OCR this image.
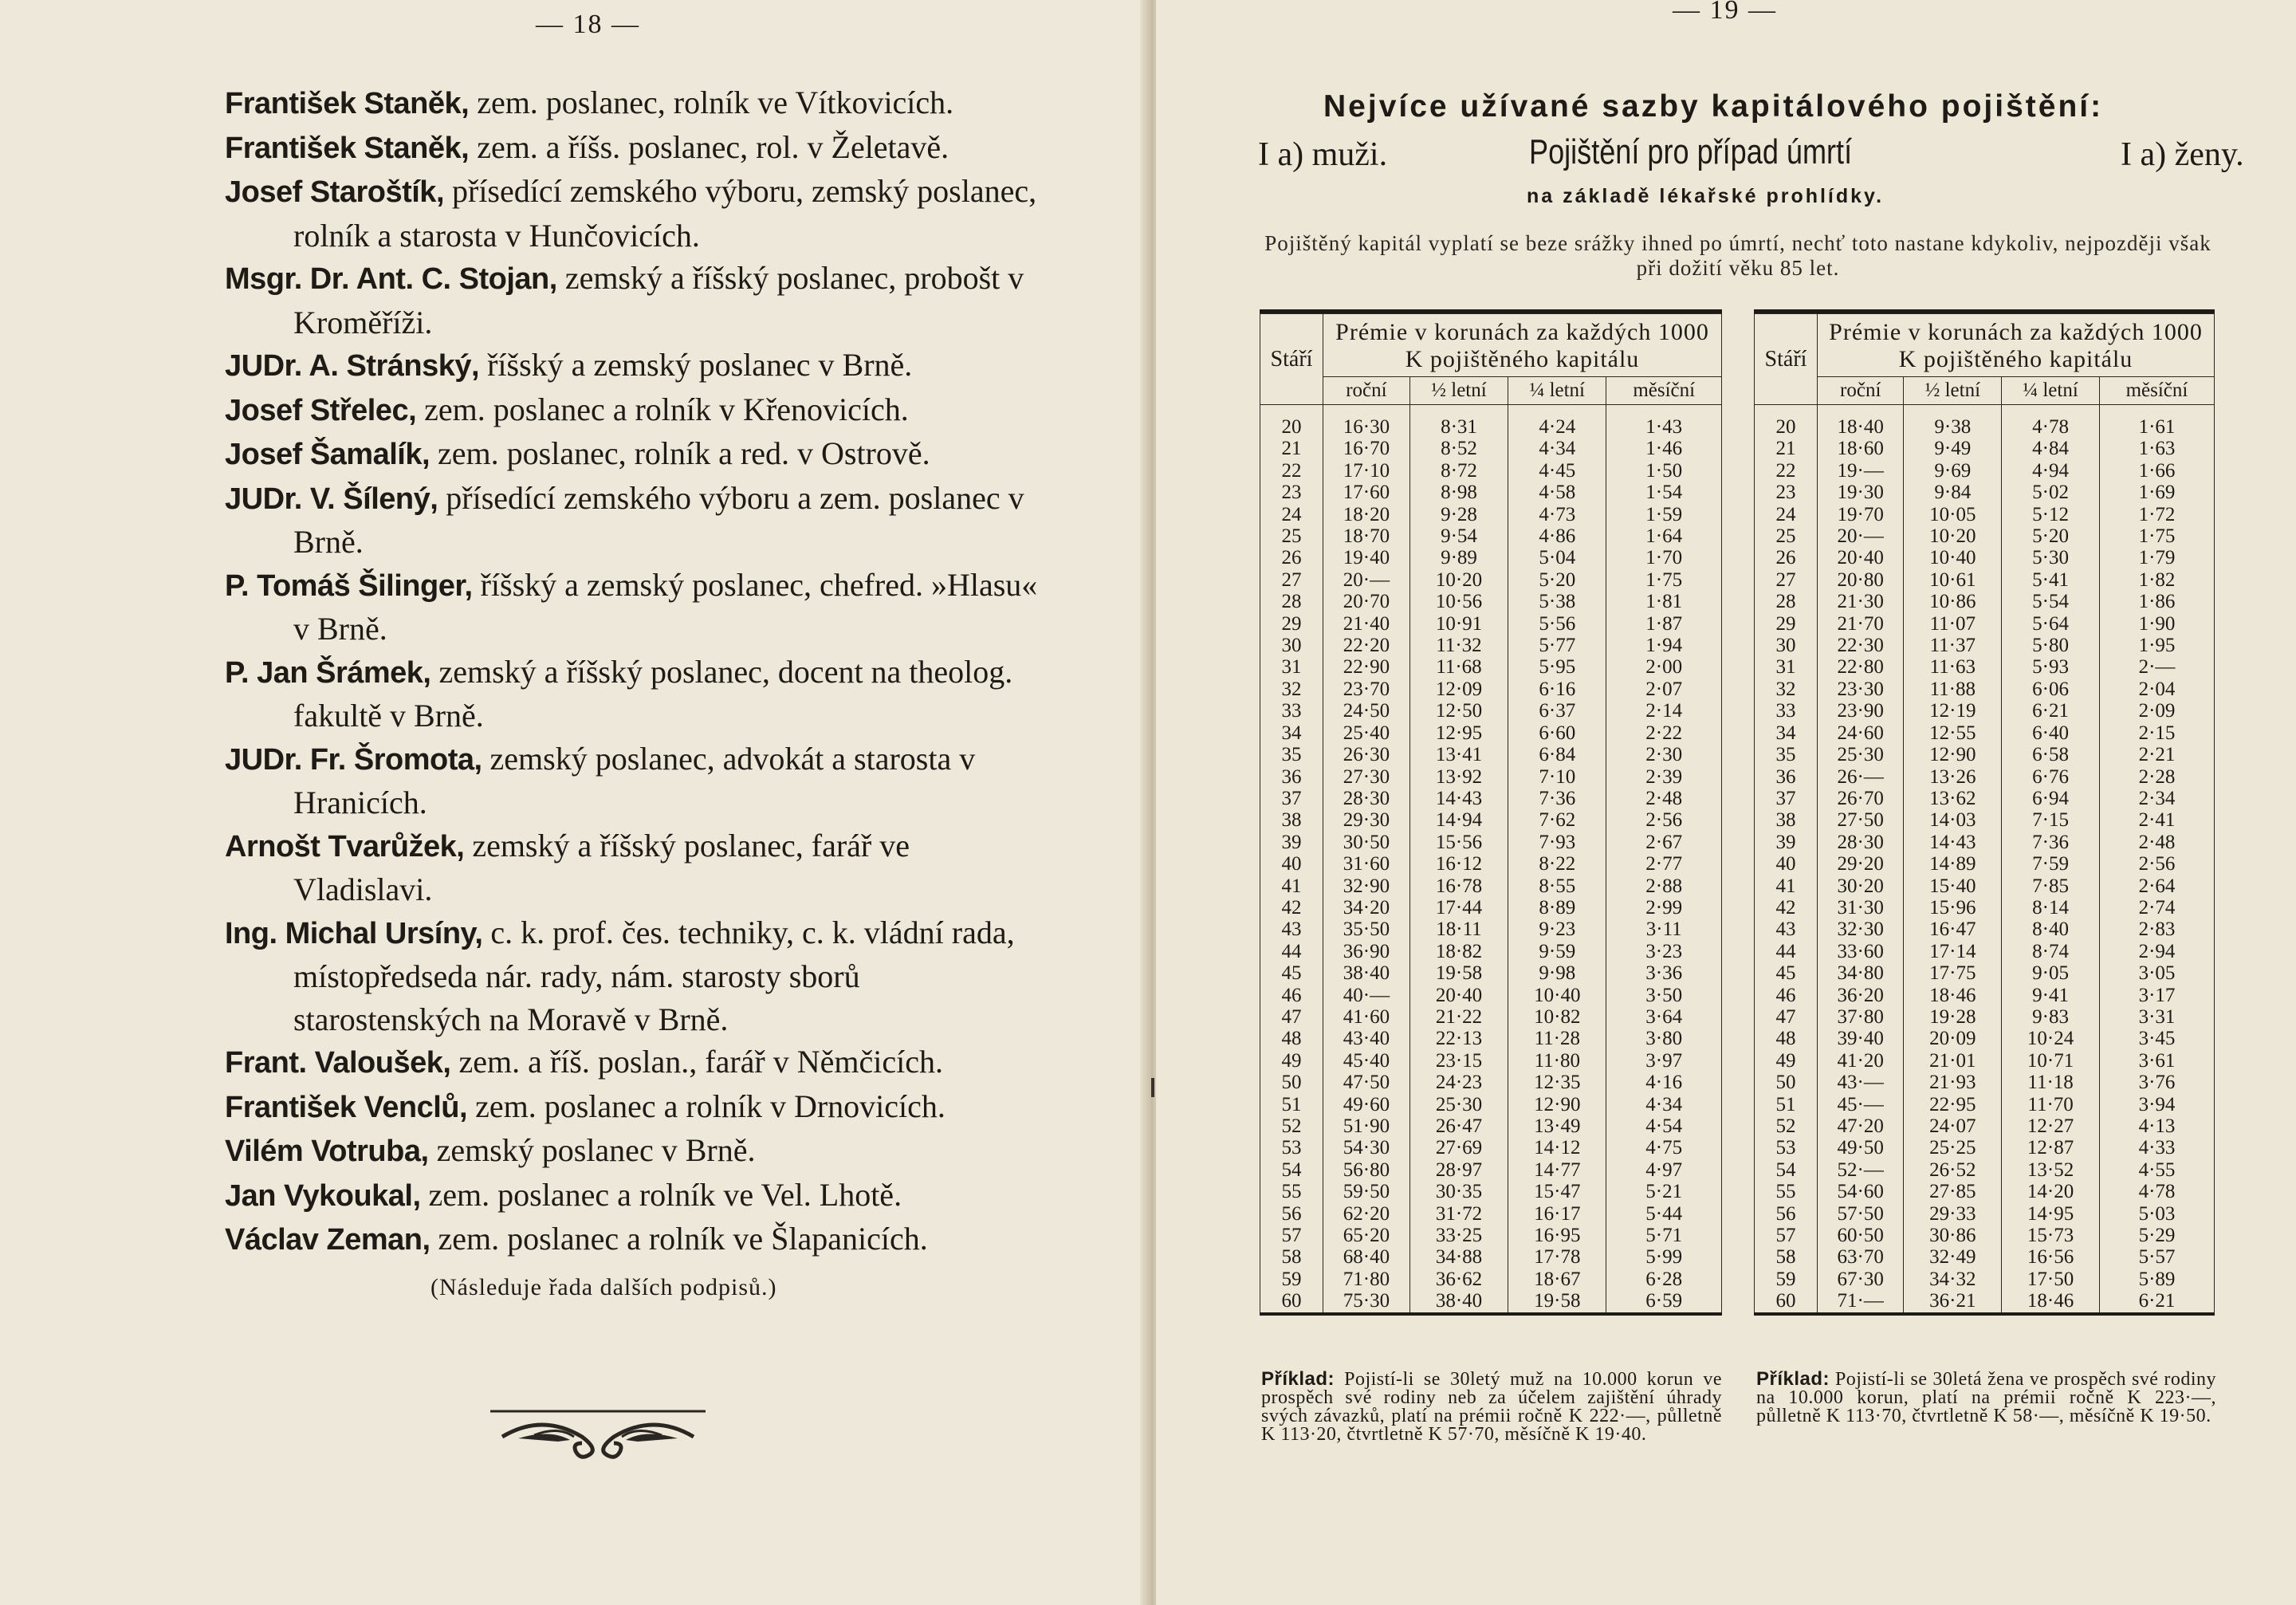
— 18 —

František Staněk, zem. poslanec, rolník ve Vítkovicích.

František Staněk, zem. a říšs. poslanec, rol. v Želetavě.

Josef Staroštík, přísedící zemského výboru, zemský poslanec, rolník a starosta v Hunčovicích.

Msgr. Dr. Ant. C. Stojan, zemský a říšský poslanec, probošt v Kroměříži.

JUDr. A. Stránský, říšský a zemský poslanec v Brně.

Josef Střelec, zem. poslanec a rolník v Křenovicích.

Josef Šamalík, zem. poslanec, rolník a red. v Ostrově.

JUDr. V. Šílený, přísedící zemského výboru a zem. poslanec v Brně.

P. Tomáš Šilinger, říšský a zemský poslanec, chefred. »Hlasu« v Brně.

P. Jan Šrámek, zemský a říšský poslanec, docent na theolog. fakultě v Brně.

JUDr. Fr. Šromota, zemský poslanec, advokát a starosta v Hranicích.

Arnošt Tvarůžek, zemský a říšský poslanec, farář ve Vladislavi.

Ing. Michal Ursíny, c. k. prof. čes. techniky, c. k. vládní rada, místopředseda nár. rady, nám. starosty sborů starostenských na Moravě v Brně.

Frant. Valoušek, zem. a říš. poslan., farář v Němčicích.

František Venclů, zem. poslanec a rolník v Drnovicích.

Vilém Votruba, zemský poslanec v Brně.

Jan Vykoukal, zem. poslanec a rolník ve Vel. Lhotě.

Václav Zeman, zem. poslanec a rolník ve Šlapanicích.

(Následuje řada dalších podpisů.)
— 19 —
Nejvíce užívané sazby kapitálového pojištění:
I a) muži.	Pojištění pro případ úmrtí	I a) ženy.
na základě lékařské prohlídky.
Pojištěný kapitál vyplatí se beze srážky ihned po úmrtí, nechť toto nastane kdykoliv, nejpozději však při dožití věku 85 let.
Stáří	Prémie v korunách za každých 1000 K pojištěného kapitálu			
	roční	½ letní	¼ letní	měsíční
20	16·30	8·31	4·24	1·43
21	16·70	8·52	4·34	1·46
22	17·10	8·72	4·45	1·50
23	17·60	8·98	4·58	1·54
24	18·20	9·28	4·73	1·59
25	18·70	9·54	4·86	1·64
26	19·40	9·89	5·04	1·70
27	20·—	10·20	5·20	1·75
28	20·70	10·56	5·38	1·81
29	21·40	10·91	5·56	1·87
30	22·20	11·32	5·77	1·94
31	22·90	11·68	5·95	2·00
32	23·70	12·09	6·16	2·07
33	24·50	12·50	6·37	2·14
34	25·40	12·95	6·60	2·22
35	26·30	13·41	6·84	2·30
36	27·30	13·92	7·10	2·39
37	28·30	14·43	7·36	2·48
38	29·30	14·94	7·62	2·56
39	30·50	15·56	7·93	2·67
40	31·60	16·12	8·22	2·77
41	32·90	16·78	8·55	2·88
42	34·20	17·44	8·89	2·99
43	35·50	18·11	9·23	3·11
44	36·90	18·82	9·59	3·23
45	38·40	19·58	9·98	3·36
46	40·—	20·40	10·40	3·50
47	41·60	21·22	10·82	3·64
48	43·40	22·13	11·28	3·80
49	45·40	23·15	11·80	3·97
50	47·50	24·23	12·35	4·16
51	49·60	25·30	12·90	4·34
52	51·90	26·47	13·49	4·54
53	54·30	27·69	14·12	4·75
54	56·80	28·97	14·77	4·97
55	59·50	30·35	15·47	5·21
56	62·20	31·72	16·17	5·44
57	65·20	33·25	16·95	5·71
58	68·40	34·88	17·78	5·99
59	71·80	36·62	18·67	6·28
60	75·30	38·40	19·58	6·59
Stáří	Prémie v korunách za každých 1000 K pojištěného kapitálu			
	roční	½ letní	¼ letní	měsíční
20	18·40	9·38	4·78	1·61
21	18·60	9·49	4·84	1·63
22	19·—	9·69	4·94	1·66
23	19·30	9·84	5·02	1·69
24	19·70	10·05	5·12	1·72
25	20·—	10·20	5·20	1·75
26	20·40	10·40	5·30	1·79
27	20·80	10·61	5·41	1·82
28	21·30	10·86	5·54	1·86
29	21·70	11·07	5·64	1·90
30	22·30	11·37	5·80	1·95
31	22·80	11·63	5·93	2·—
32	23·30	11·88	6·06	2·04
33	23·90	12·19	6·21	2·09
34	24·60	12·55	6·40	2·15
35	25·30	12·90	6·58	2·21
36	26·—	13·26	6·76	2·28
37	26·70	13·62	6·94	2·34
38	27·50	14·03	7·15	2·41
39	28·30	14·43	7·36	2·48
40	29·20	14·89	7·59	2·56
41	30·20	15·40	7·85	2·64
42	31·30	15·96	8·14	2·74
43	32·30	16·47	8·40	2·83
44	33·60	17·14	8·74	2·94
45	34·80	17·75	9·05	3·05
46	36·20	18·46	9·41	3·17
47	37·80	19·28	9·83	3·31
48	39·40	20·09	10·24	3·45
49	41·20	21·01	10·71	3·61
50	43·—	21·93	11·18	3·76
51	45·—	22·95	11·70	3·94
52	47·20	24·07	12·27	4·13
53	49·50	25·25	12·87	4·33
54	52·—	26·52	13·52	4·55
55	54·60	27·85	14·20	4·78
56	57·50	29·33	14·95	5·03
57	60·50	30·86	15·73	5·29
58	63·70	32·49	16·56	5·57
59	67·30	34·32	17·50	5·89
60	71·—	36·21	18·46	6·21
Příklad: Pojistí-li se 30letý muž na 10.000 korun ve prospěch své rodiny neb za účelem zajištění úhrady svých závazků, platí na prémii ročně K 222·—, půlletně K 113·20, čtvrtletně K 57·70, měsíčně K 19·40.
Příklad: Pojistí-li se 30letá žena ve prospěch své rodiny na 10.000 korun, platí na prémii ročně K 223·—, půlletně K 113·70, čtvrtletně K 58·—, měsíčně K 19·50.
